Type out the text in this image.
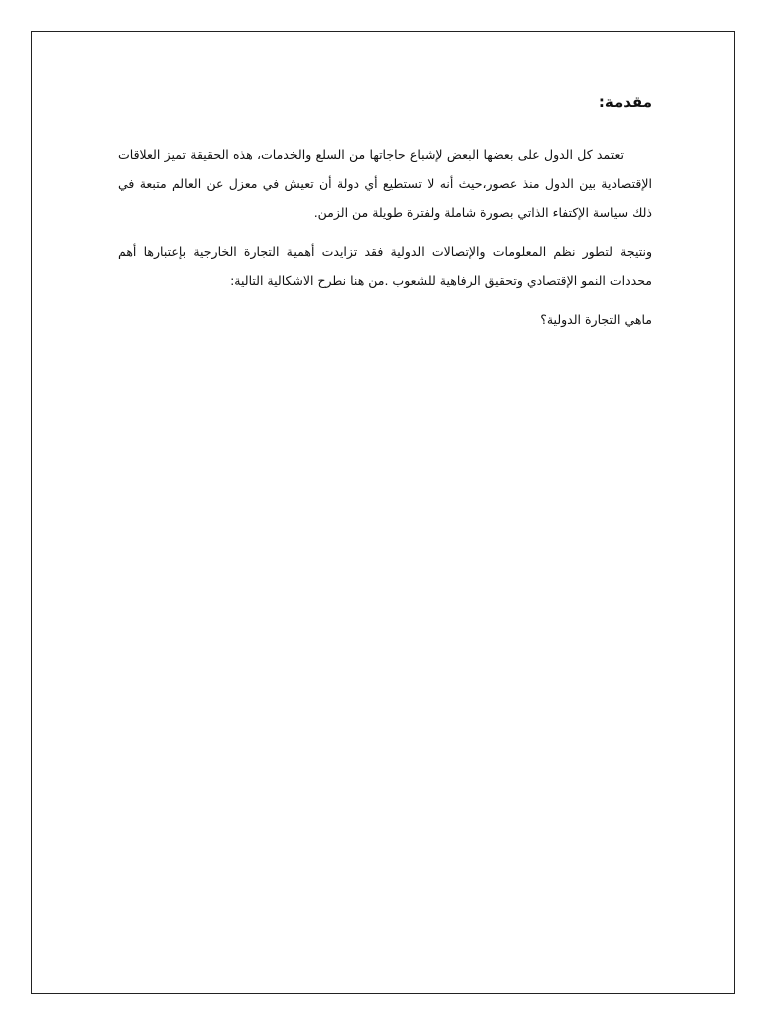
مقدمة:

تعتمد كل الدول على بعضها البعض لإشباع حاجاتها من السلع والخدمات، هذه الحقيقة تميز العلاقات الإقتصادية بين الدول منذ عصور،حيث أنه لا تستطيع أي دولة أن تعيش في معزل عن العالم متبعة في ذلك سياسة الإكتفاء الذاتي بصورة شاملة ولفترة طويلة من الزمن.

ونتيجة لتطور نظم المعلومات والإتصالات الدولية فقد تزايدت أهمية التجارة الخارجية بإعتبارها أهم محددات النمو الإقتصادي وتحقيق الرفاهية للشعوب .من هنا نطرح الاشكالية التالية:

ماهي التجارة الدولية؟
